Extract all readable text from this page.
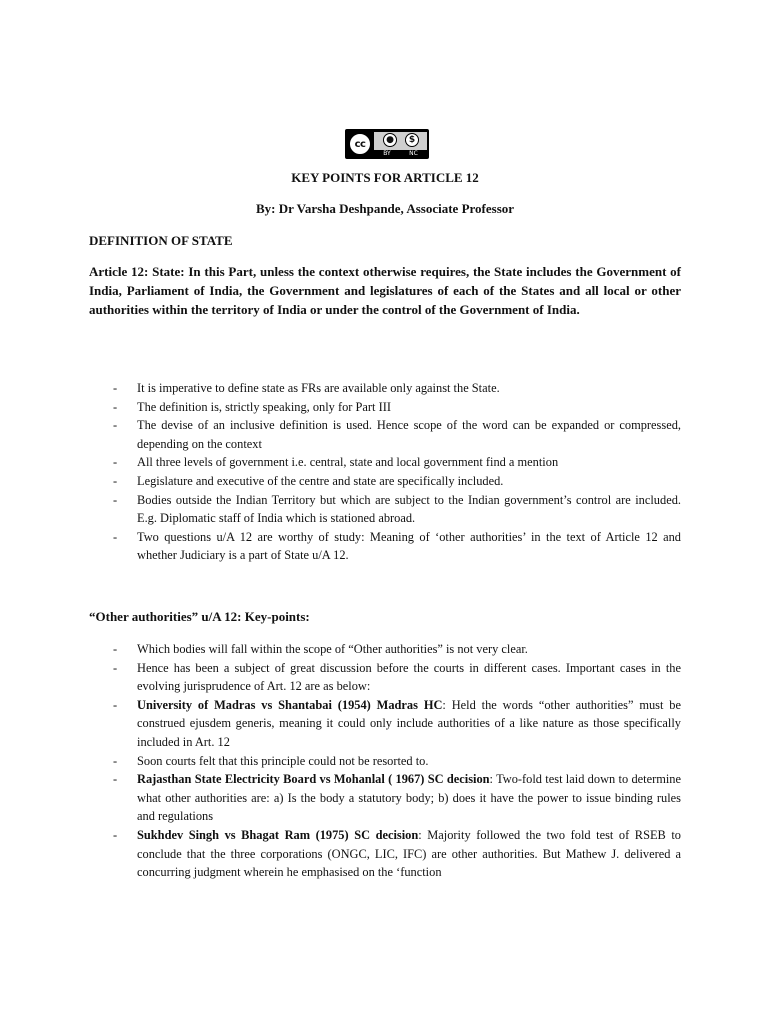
cc	●	$
BY	NC
KEY POINTS FOR ARTICLE 12
By: Dr Varsha Deshpande, Associate Professor
DEFINITION OF STATE
Article 12: State: In this Part, unless the context otherwise requires, the State includes the Government of India, Parliament of India, the Government and legislatures of each of the States and all local or other authorities within the territory of India or under the control of the Government of India.
- It is imperative to define state as FRs are available only against the State.
- The definition is, strictly speaking, only for Part III
- The devise of an inclusive definition is used. Hence scope of the word can be expanded or compressed, depending on the context
- All three levels of government i.e. central, state and local government find a mention
- Legislature and executive of the centre and state are specifically included.
- Bodies outside the Indian Territory but which are subject to the Indian government’s control are included. E.g. Diplomatic staff of India which is stationed abroad.
- Two questions u/A 12 are worthy of study: Meaning of ‘other authorities’ in the text of Article 12 and whether Judiciary is a part of State u/A 12.
“Other authorities” u/A 12: Key-points:
- Which bodies will fall within the scope of “Other authorities” is not very clear.
- Hence has been a subject of great discussion before the courts in different cases. Important cases in the evolving jurisprudence of Art. 12 are as below:
- University of Madras vs Shantabai (1954) Madras HC: Held the words “other authorities” must be construed ejusdem generis, meaning it could only include authorities of a like nature as those specifically included in Art. 12
- Soon courts felt that this principle could not be resorted to.
- Rajasthan State Electricity Board vs Mohanlal ( 1967) SC decision: Two-fold test laid down to determine what other authorities are: a) Is the body a statutory body; b) does it have the power to issue binding rules and regulations
- Sukhdev Singh vs Bhagat Ram (1975) SC decision: Majority followed the two fold test of RSEB to conclude that the three corporations (ONGC, LIC, IFC) are other authorities. But Mathew J. delivered a concurring judgment wherein he emphasised on the ‘function
